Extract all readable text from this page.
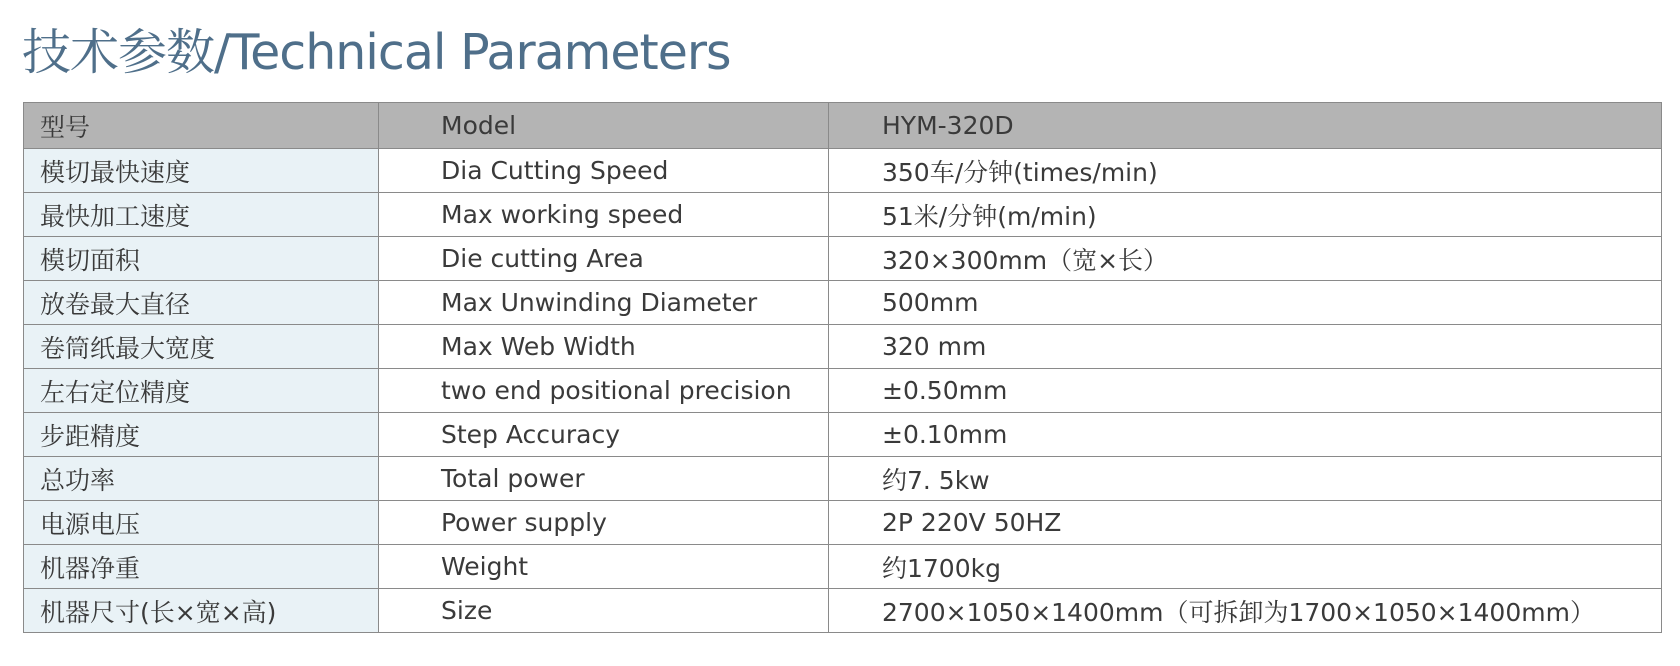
技术参数/Technical Parameters
型号	Model	HYM-320D
模切最快速度	Dia Cutting Speed	350车/分钟(times/min)
最快加工速度	Max working speed	51米/分钟(m/min)
模切面积	Die cutting Area	320×300mm（宽×长）
放卷最大直径	Max Unwinding Diameter	500mm
卷筒纸最大宽度	Max Web Width	320 mm
左右定位精度	two end positional precision	±0.50mm
步距精度	Step Accuracy	±0.10mm
总功率	Total power	约7. 5kw
电源电压	Power supply	2P 220V 50HZ
机器净重	Weight	约1700kg
机器尺寸(长×宽×高)	Size	2700×1050×1400mm（可拆卸为1700×1050×1400mm）
